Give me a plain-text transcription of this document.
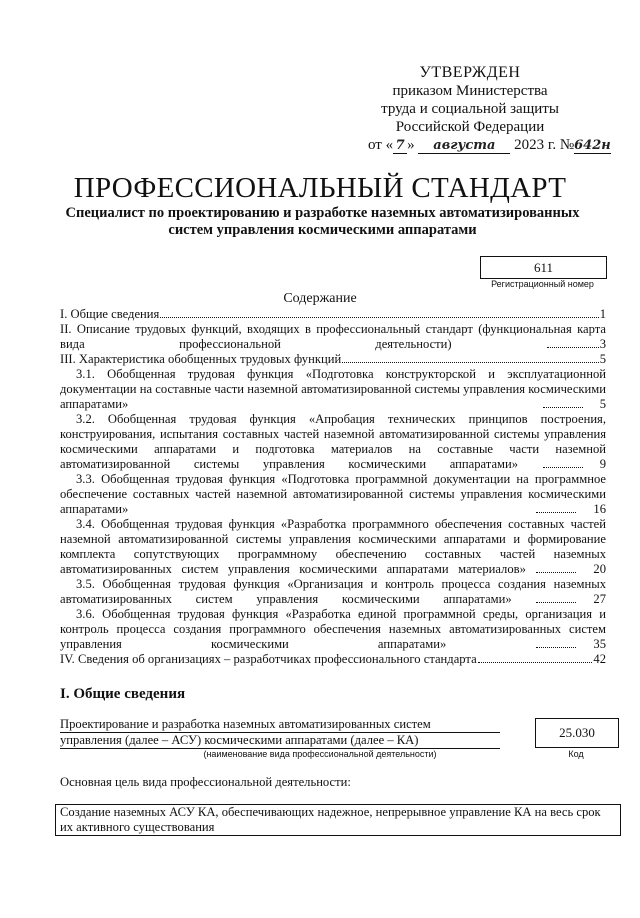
УТВЕРЖДЕН
приказом Министерства
труда и социальной защиты
Российской Федерации
от « 7 » августа 2023 г. №642н
ПРОФЕССИОНАЛЬНЫЙ СТАНДАРТ
Специалист по проектированию и разработке наземных автоматизированных
систем управления космическими аппаратами
611
Регистрационный номер
Содержание
I. Общие сведения	1
II. Описание трудовых функций, входящих в профессиональный стандарт (функциональная карта вида профессиональной деятельности)	3
III. Характеристика обобщенных трудовых функций	5
3.1. Обобщенная трудовая функция «Подготовка конструкторской и эксплуатационной документации на составные части наземной автоматизированной системы управления космическими аппаратами»	5
3.2. Обобщенная трудовая функция «Апробация технических принципов построения, конструирования, испытания составных частей наземной автоматизированной системы управления космическими аппаратами и подготовка материалов на составные части наземной автоматизированной системы управления космическими аппаратами»	9
3.3. Обобщенная трудовая функция «Подготовка программной документации на программное обеспечение составных частей наземной автоматизированной системы управления космическими аппаратами»	16
3.4. Обобщенная трудовая функция «Разработка программного обеспечения составных частей наземной автоматизированной системы управления космическими аппаратами и формирование комплекта сопутствующих программному обеспечению составных частей наземных автоматизированных систем управления космическими аппаратами материалов»	20
3.5. Обобщенная трудовая функция «Организация и контроль процесса создания наземных автоматизированных систем управления космическими аппаратами»	27
3.6. Обобщенная трудовая функция «Разработка единой программной среды, организация и контроль процесса создания программного обеспечения наземных автоматизированных систем управления космическими аппаратами»	35
IV. Сведения об организациях – разработчиках профессионального стандарта	42
I. Общие сведения
Проектирование и разработка наземных автоматизированных систем
управления (далее – АСУ) космическими аппаратами (далее – КА)
(наименование вида профессиональной деятельности)
25.030
Код
Основная цель вида профессиональной деятельности:
Создание наземных АСУ КА, обеспечивающих надежное, непрерывное управление КА на весь срок их активного существования
